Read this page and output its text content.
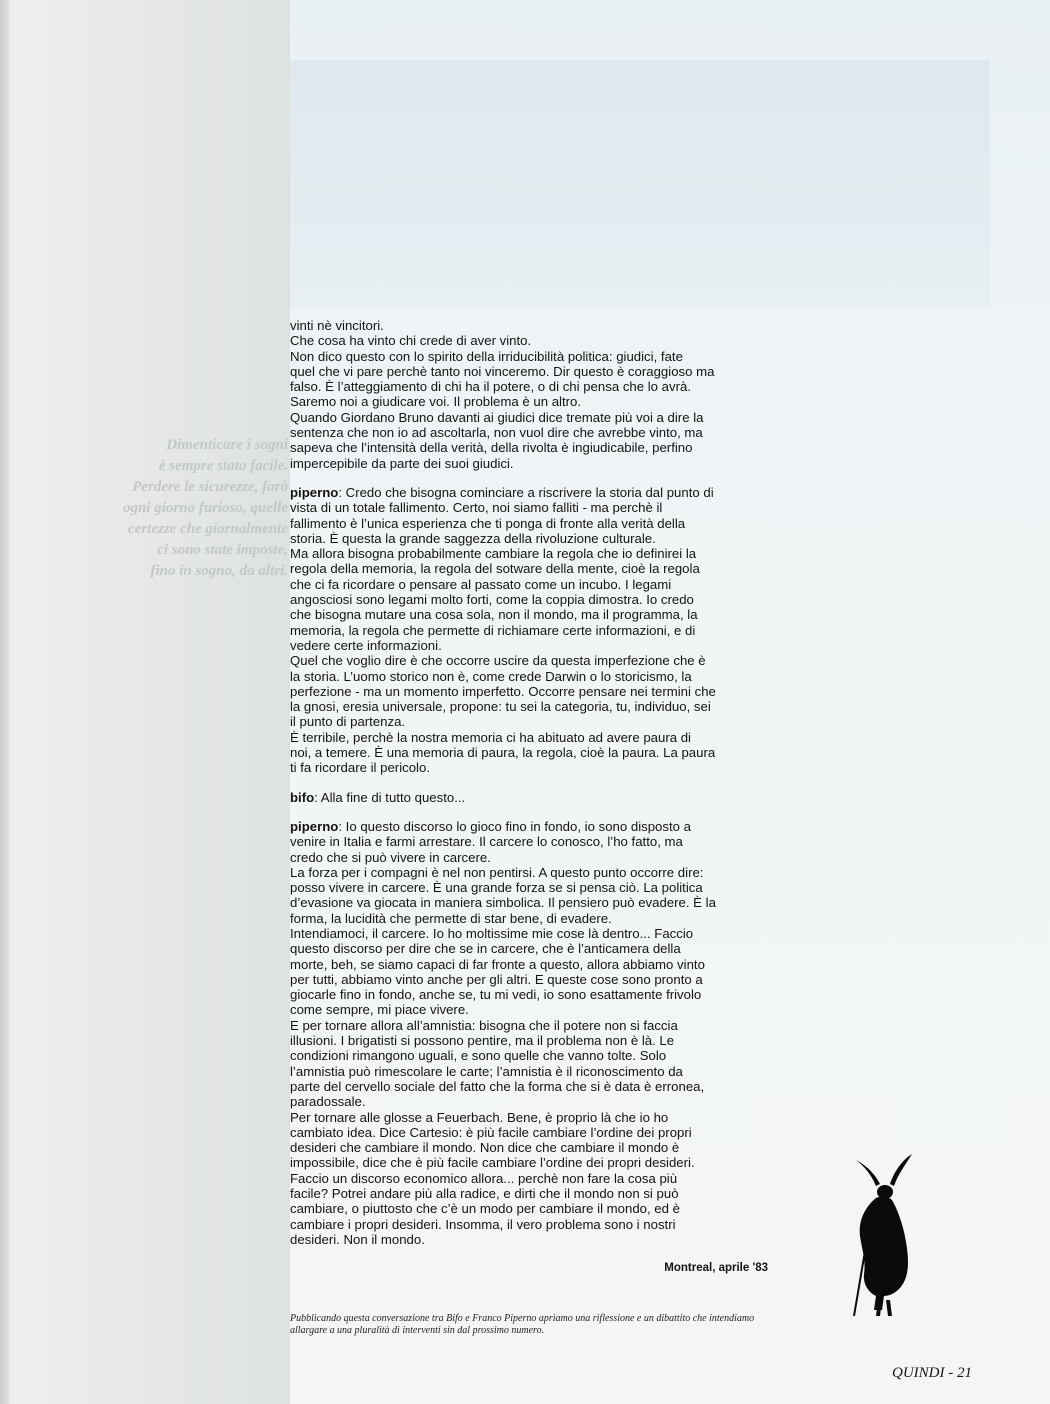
Dimenticare i sogni
è sempre stato facile.
Perdere le sicurezze, farò
ogni giorno furioso, quelle
certezze che giornalmente
ci sono state imposte,
fino in sogno, da altri.

vinti nè vincitori.
Che cosa ha vinto chi crede di aver vinto.
Non dico questo con lo spirito della irriducibilità politica: giudici, fate
quel che vi pare perchè tanto noi vinceremo. Dir questo è coraggioso ma
falso. È l’atteggiamento di chi ha il potere, o di chi pensa che lo avrà.
Saremo noi a giudicare voi. Il problema è un altro.
Quando Giordano Bruno davanti ai giudici dice tremate più voi a dire la
sentenza che non io ad ascoltarla, non vuol dire che avrebbe vinto, ma
sapeva che l’intensità della verità, della rivolta è ingiudicabile, perfino
impercepibile da parte dei suoi giudici.

piperno: Credo che bisogna cominciare a riscrivere la storia dal punto di
vista di un totale fallimento. Certo, noi siamo falliti - ma perchè il
fallimento è l’unica esperienza che ti ponga di fronte alla verità della
storia. È questa la grande saggezza della rivoluzione culturale.
Ma allora bisogna probabilmente cambiare la regola che io definirei la
regola della memoria, la regola del sotware della mente, cioè la regola
che ci fa ricordare o pensare al passato come un incubo. I legami
angosciosi sono legami molto forti, come la coppia dimostra. Io credo
che bisogna mutare una cosa sola, non il mondo, ma il programma, la
memoria, la regola che permette di richiamare certe informazioni, e di
vedere certe informazioni.
Quel che voglio dire è che occorre uscire da questa imperfezione che è
la storia. L’uomo storico non è, come crede Darwin o lo storicismo, la
perfezione - ma un momento imperfetto. Occorre pensare nei termini che
la gnosi, eresia universale, propone: tu sei la categoria, tu, individuo, sei
il punto di partenza.
È terribile, perchè la nostra memoria ci ha abituato ad avere paura di
noi, a temere. È una memoria di paura, la regola, cioè la paura. La paura
ti fa ricordare il pericolo.

bifo: Alla fine di tutto questo...

piperno: Io questo discorso lo gioco fino in fondo, io sono disposto a
venire in Italia e farmi arrestare. Il carcere lo conosco, l’ho fatto, ma
credo che si può vivere in carcere.
La forza per i compagni è nel non pentirsi. A questo punto occorre dire:
posso vivere in carcere. È una grande forza se si pensa ciò. La politica
d’evasione va giocata in maniera simbolica. Il pensiero può evadere. È la
forma, la lucidità che permette di star bene, di evadere.
Intendiamoci, il carcere. Io ho moltissime mie cose là dentro... Faccio
questo discorso per dire che se in carcere, che è l’anticamera della
morte, beh, se siamo capaci di far fronte a questo, allora abbiamo vinto
per tutti, abbiamo vinto anche per gli altri. E queste cose sono pronto a
giocarle fino in fondo, anche se, tu mi vedi, io sono esattamente frivolo
come sempre, mi piace vivere.
E per tornare allora all’amnistia: bisogna che il potere non si faccia
illusioni. I brigatisti si possono pentire, ma il problema non è là. Le
condizioni rimangono uguali, e sono quelle che vanno tolte. Solo
l’amnistia può rimescolare le carte; l’amnistia è il riconoscimento da
parte del cervello sociale del fatto che la forma che si è data è erronea,
paradossale.
Per tornare alle glosse a Feuerbach. Bene, è proprio là che io ho
cambiato idea. Dice Cartesio: è più facile cambiare l’ordine dei propri
desideri che cambiare il mondo. Non dice che cambiare il mondo è
impossibile, dice che è più facile cambiare l’ordine dei propri desideri.
Faccio un discorso economico allora... perchè non fare la cosa più
facile? Potrei andare più alla radice, e dirti che il mondo non si può
cambiare, o piuttosto che c’è un modo per cambiare il mondo, ed è
cambiare i propri desideri. Insomma, il vero problema sono i nostri
desideri. Non il mondo.

Montreal, aprile '83
Pubblicando questa conversazione tra Bifo e Franco Piperno apriamo una riflessione e un dibattito che intendiamo allargare a una pluralità di interventi sin dal prossimo numero.
QUINDI - 21
